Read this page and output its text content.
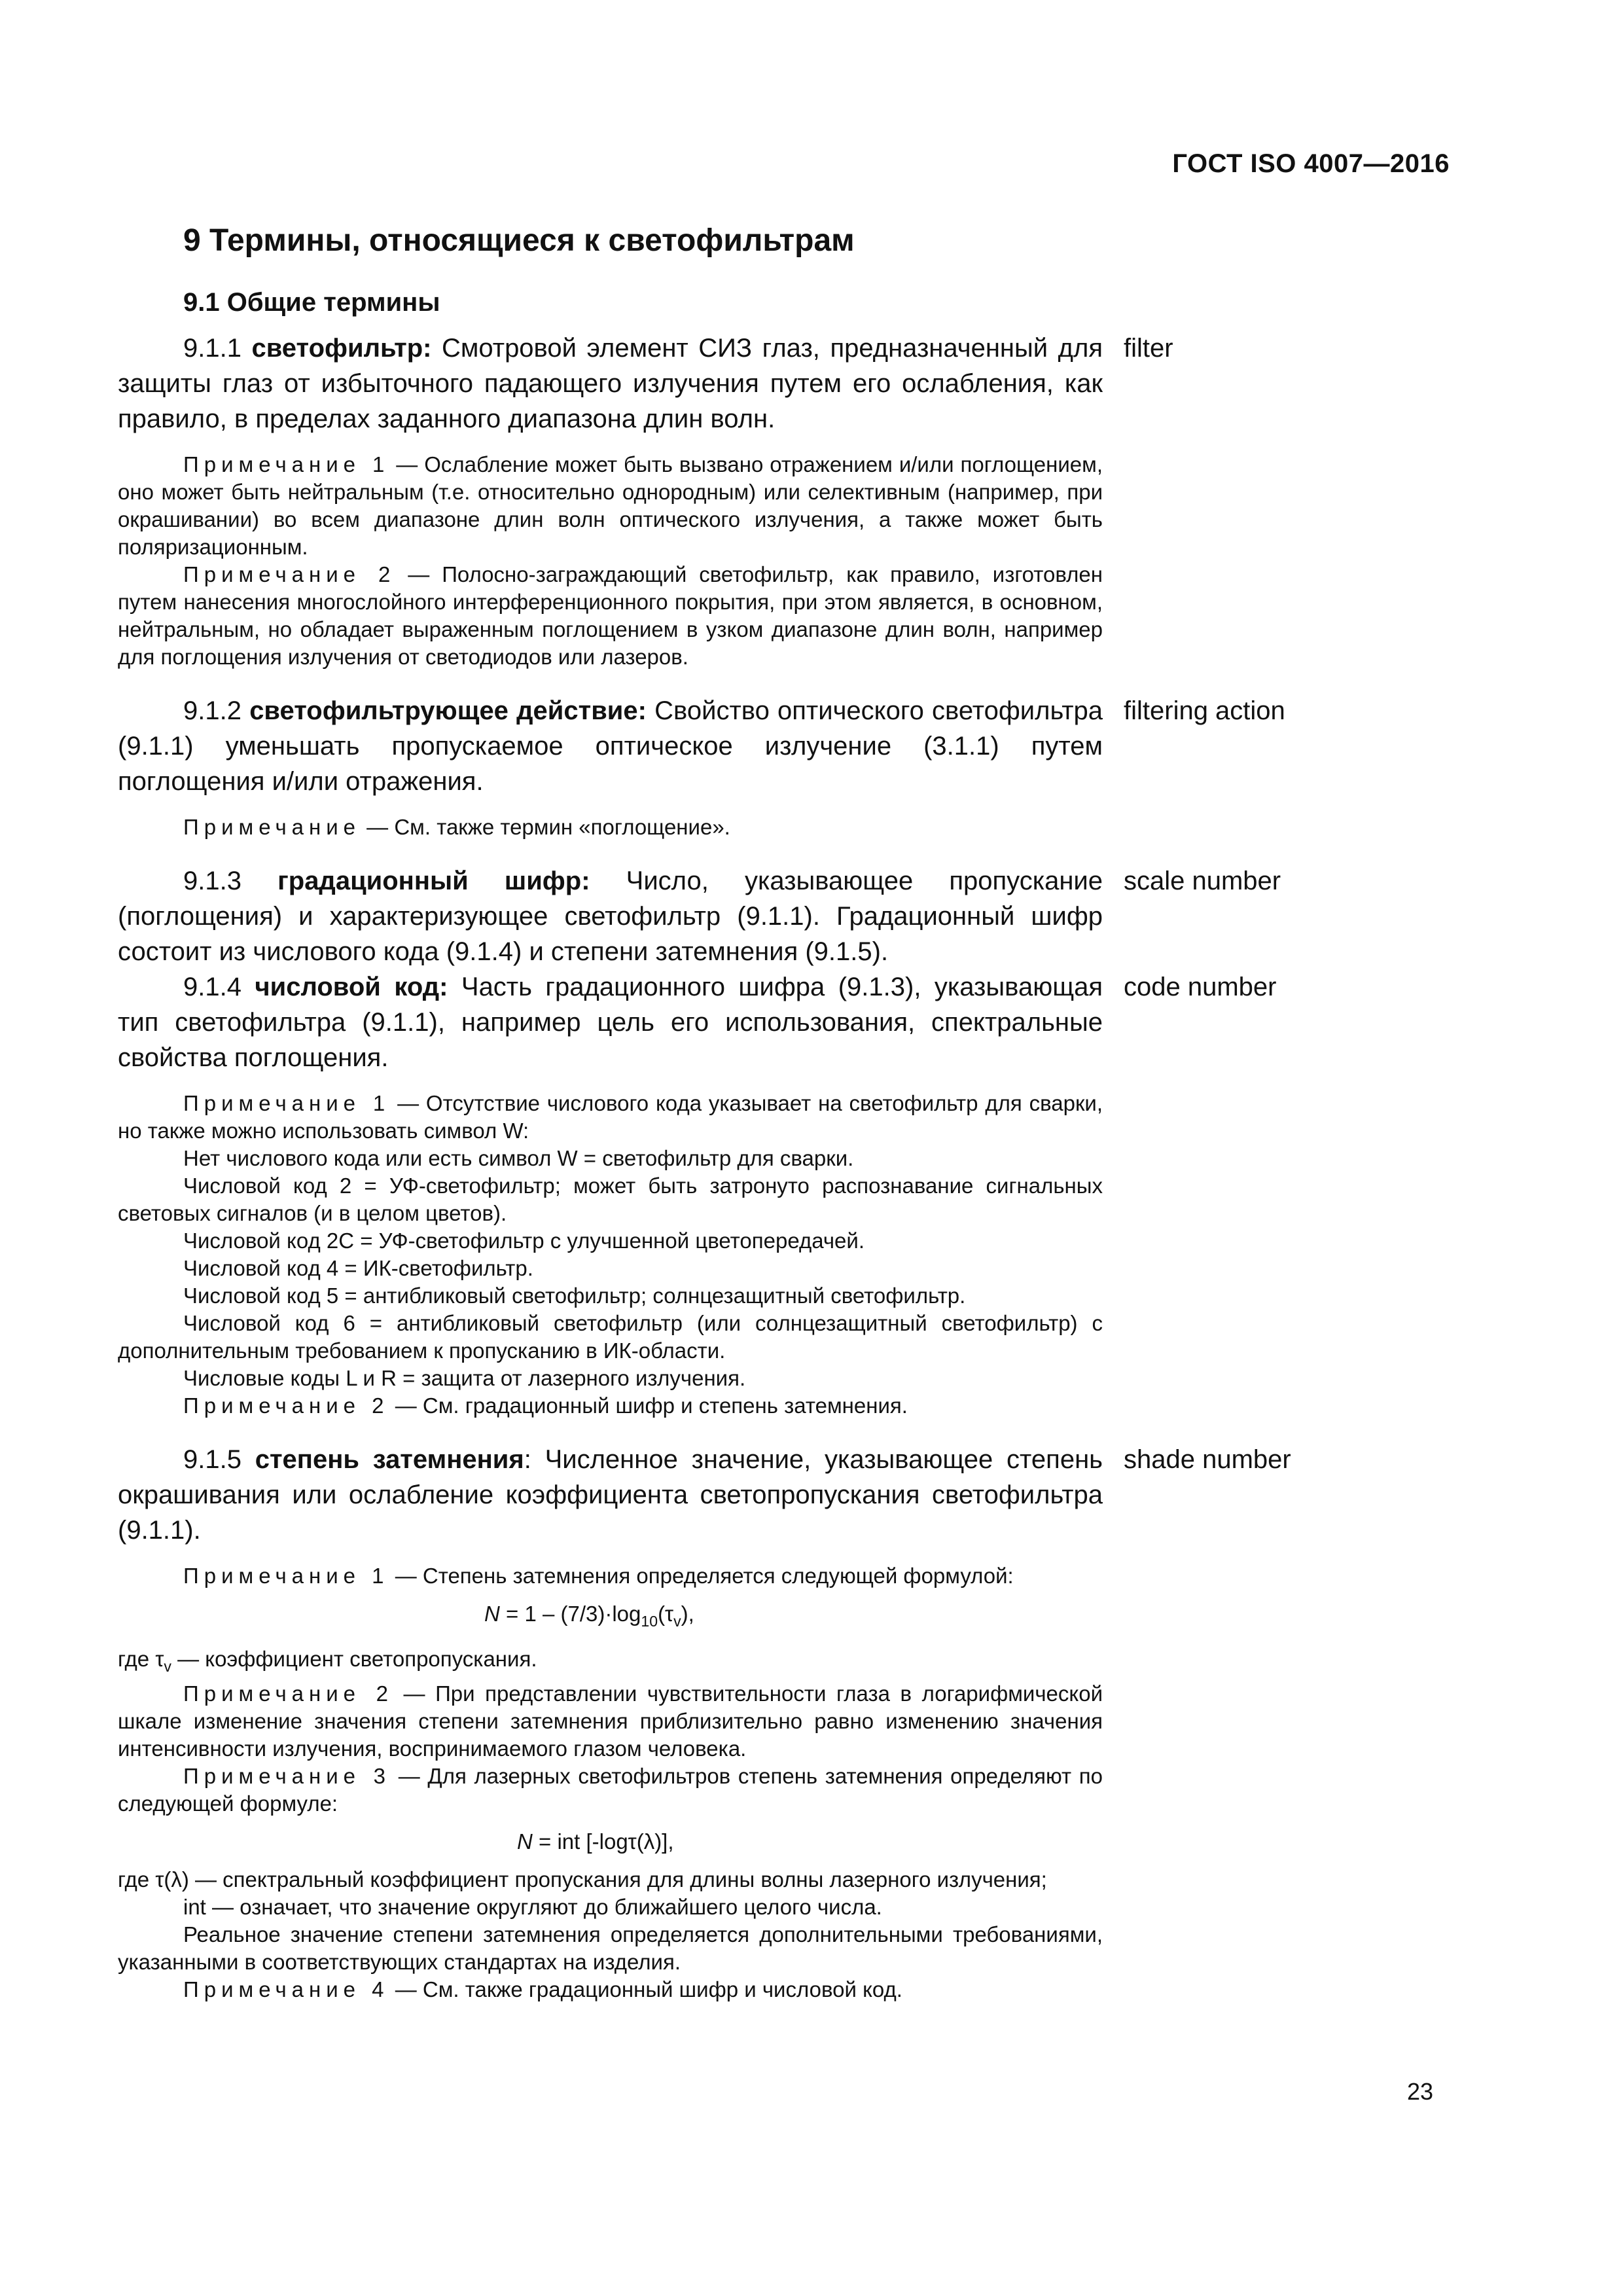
ГОСТ ISO 4007—2016
9 Термины, относящиеся к светофильтрам
9.1 Общие термины
filter

9.1.1 светофильтр: Смотровой элемент СИЗ глаз, предназначенный для защиты глаз от избыточного падающего излучения путем его ослабления, как правило, в пределах заданного диапазона длин волн.

Примечание 1 — Ослабление может быть вызвано отражением и/или поглощением, оно может быть нейтральным (т.е. относительно однородным) или селективным (например, при окрашивании) во всем диапазоне длин волн оптического излучения, а также может быть поляризационным.

Примечание 2 — Полосно-заграждающий светофильтр, как правило, изготовлен путем нанесения многослойного интерференционного покрытия, при этом является, в основном, нейтральным, но обладает выраженным поглощением в узком диапазоне длин волн, например для поглощения излучения от светодиодов или лазеров.

filtering action

9.1.2 светофильтрующее действие: Свойство оптического светофильтра (9.1.1) уменьшать пропускаемое оптическое излучение (3.1.1) путем поглощения и/или отражения.

Примечание — См. также термин «поглощение».

scale number

9.1.3 градационный шифр: Число, указывающее пропускание (поглощения) и характеризующее светофильтр (9.1.1). Градационный шифр состоит из числового кода (9.1.4) и степени затемнения (9.1.5).

code number

9.1.4 числовой код: Часть градационного шифра (9.1.3), указывающая тип светофильтра (9.1.1), например цель его использования, спектральные свойства поглощения.

Примечание 1 — Отсутствие числового кода указывает на светофильтр для сварки, но также можно использовать символ W:

Нет числового кода или есть символ W = светофильтр для сварки.

Числовой код 2 = УФ-светофильтр; может быть затронуто распознавание сигнальных световых сигналов (и в целом цветов).

Числовой код 2С = УФ-светофильтр с улучшенной цветопередачей.

Числовой код 4 = ИК-светофильтр.

Числовой код 5 = антибликовый светофильтр; солнцезащитный светофильтр.

Числовой код 6 = антибликовый светофильтр (или солнцезащитный светофильтр) с дополнительным требованием к пропусканию в ИК-области.

Числовые коды L и R = защита от лазерного излучения.

Примечание 2 — См. градационный шифр и степень затемнения.

shade number

9.1.5 степень затемнения: Численное значение, указывающее степень окрашивания или ослабление коэффициента светопропускания светофильтра (9.1.1).

Примечание 1 — Степень затемнения определяется следующей формулой:

$N = 1 - (7/3)\cdot\log_{10}(\tau_v)$,

где $\tau_v$ — коэффициент светопропускания.

Примечание 2 — При представлении чувствительности глаза в логарифмической шкале изменение значения степени затемнения приблизительно равно изменению значения интенсивности излучения, воспринимаемого глазом человека.

Примечание 3 — Для лазерных светофильтров степень затемнения определяют по следующей формуле:

N = int [-logτ(λ)],

где τ(λ) — спектральный коэффициент пропускания для длины волны лазерного излучения;

int — означает, что значение округляют до ближайшего целого числа.

Реальное значение степени затемнения определяется дополнительными требованиями, указанными в соответствующих стандартах на изделия.

Примечание 4 — См. также градационный шифр и числовой код.

23
